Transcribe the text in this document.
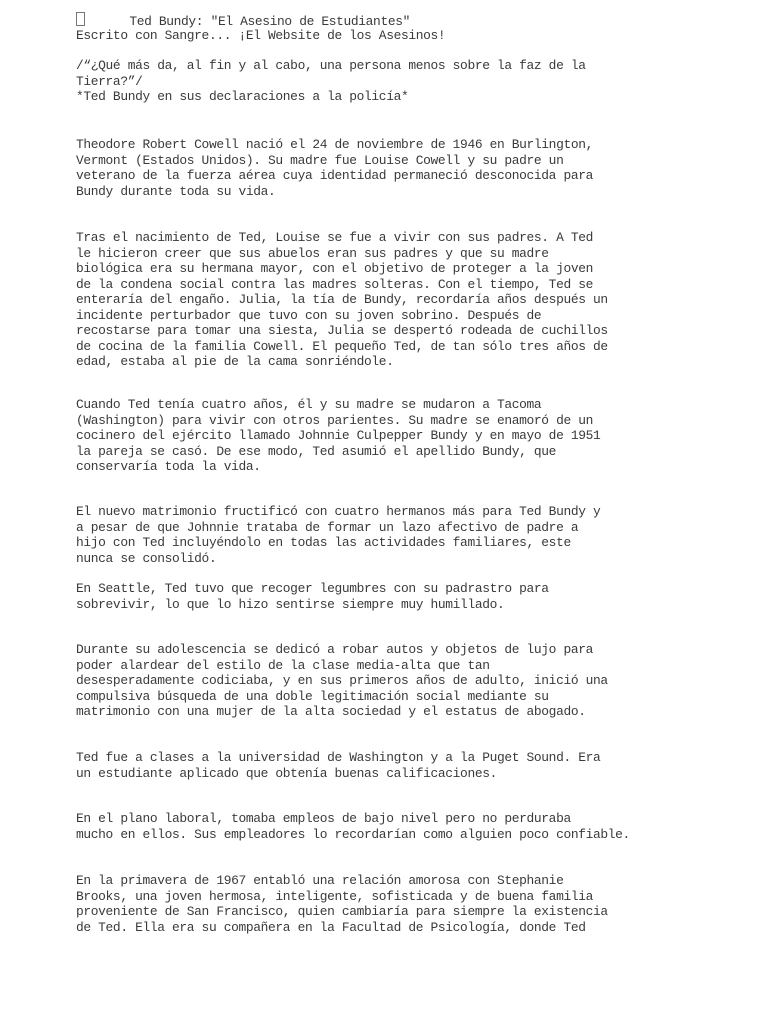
Ted Bundy: "El Asesino de Estudiantes"
Escrito con Sangre... ¡El Website de los Asesinos!
/“¿Qué más da, al fin y al cabo, una persona menos sobre la faz de la
Tierra?”/
*Ted Bundy en sus declaraciones a la policía*
Theodore Robert Cowell nació el 24 de noviembre de 1946 en Burlington,
Vermont (Estados Unidos). Su madre fue Louise Cowell y su padre un
veterano de la fuerza aérea cuya identidad permaneció desconocida para
Bundy durante toda su vida.
Tras el nacimiento de Ted, Louise se fue a vivir con sus padres. A Ted
le hicieron creer que sus abuelos eran sus padres y que su madre
biológica era su hermana mayor, con el objetivo de proteger a la joven
de la condena social contra las madres solteras. Con el tiempo, Ted se
enteraría del engaño. Julia, la tía de Bundy, recordaría años después un
incidente perturbador que tuvo con su joven sobrino. Después de
recostarse para tomar una siesta, Julia se despertó rodeada de cuchillos
de cocina de la familia Cowell. El pequeño Ted, de tan sólo tres años de
edad, estaba al pie de la cama sonriéndole.
Cuando Ted tenía cuatro años, él y su madre se mudaron a Tacoma
(Washington) para vivir con otros parientes. Su madre se enamoró de un
cocinero del ejército llamado Johnnie Culpepper Bundy y en mayo de 1951
la pareja se casó. De ese modo, Ted asumió el apellido Bundy, que
conservaría toda la vida.
El nuevo matrimonio fructificó con cuatro hermanos más para Ted Bundy y
a pesar de que Johnnie trataba de formar un lazo afectivo de padre a
hijo con Ted incluyéndolo en todas las actividades familiares, este
nunca se consolidó.
En Seattle, Ted tuvo que recoger legumbres con su padrastro para
sobrevivir, lo que lo hizo sentirse siempre muy humillado.
Durante su adolescencia se dedicó a robar autos y objetos de lujo para
poder alardear del estilo de la clase media-alta que tan
desesperadamente codiciaba, y en sus primeros años de adulto, inició una
compulsiva búsqueda de una doble legitimación social mediante su
matrimonio con una mujer de la alta sociedad y el estatus de abogado.
Ted fue a clases a la universidad de Washington y a la Puget Sound. Era
un estudiante aplicado que obtenía buenas calificaciones.
En el plano laboral, tomaba empleos de bajo nivel pero no perduraba
mucho en ellos. Sus empleadores lo recordarían como alguien poco confiable.
En la primavera de 1967 entabló una relación amorosa con Stephanie
Brooks, una joven hermosa, inteligente, sofisticada y de buena familia
proveniente de San Francisco, quien cambiaría para siempre la existencia
de Ted. Ella era su compañera en la Facultad de Psicología, donde Ted
